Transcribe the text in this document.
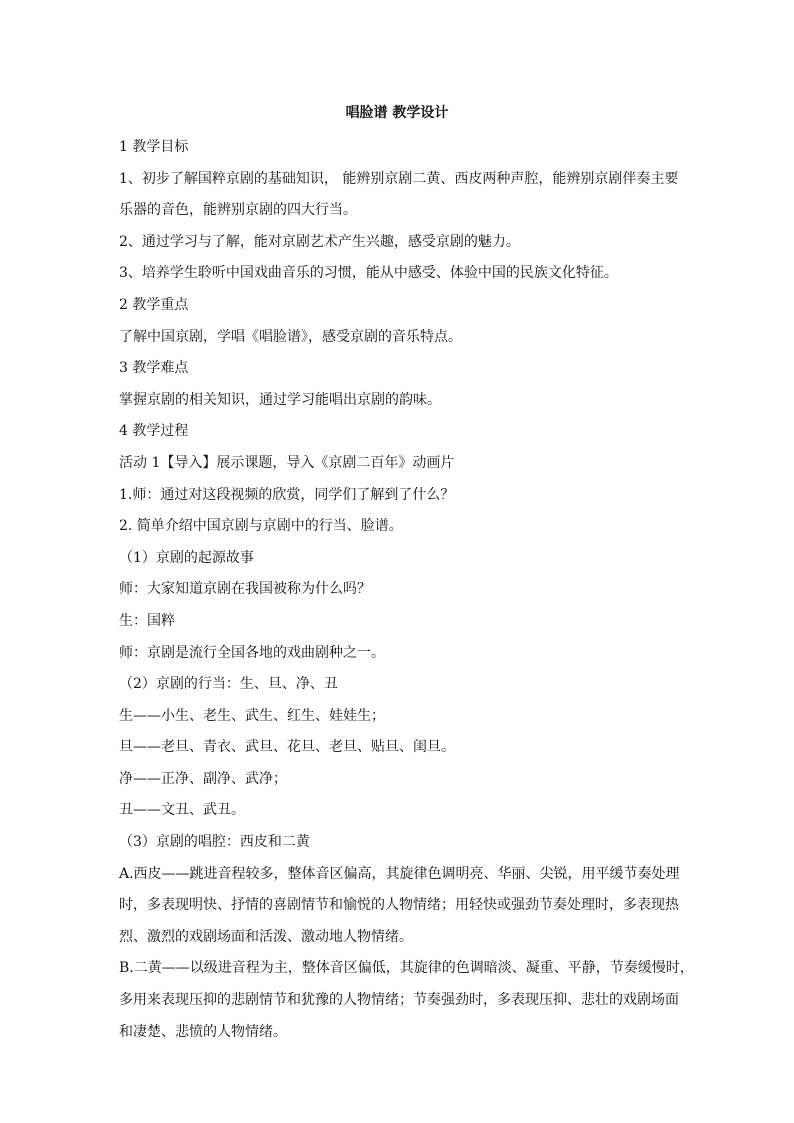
唱脸谱 教学设计

1 教学目标

1、初步了解国粹京剧的基础知识， 能辨别京剧二黄、西皮两种声腔，能辨别京剧伴奏主要

乐器的音色，能辨别京剧的四大行当。

2、通过学习与了解，能对京剧艺术产生兴趣，感受京剧的魅力。

3、培养学生聆听中国戏曲音乐的习惯，能从中感受、体验中国的民族文化特征。

2 教学重点

了解中国京剧，学唱《唱脸谱》，感受京剧的音乐特点。

3 教学难点

掌握京剧的相关知识，通过学习能唱出京剧的韵味。

4 教学过程

活动 1【导入】展示课题，导入《京剧二百年》动画片

1.师：通过对这段视频的欣赏，同学们了解到了什么？

2. 简单介绍中国京剧与京剧中的行当、脸谱。

（1）京剧的起源故事

师：大家知道京剧在我国被称为什么吗？

生：国粹

师：京剧是流行全国各地的戏曲剧种之一。

（2）京剧的行当：生、旦、净、丑

生——小生、老生、武生、红生、娃娃生；

旦——老旦、青衣、武旦、花旦、老旦、贴旦、闺旦。

净——正净、副净、武净；

丑——文丑、武丑。

（3）京剧的唱腔：西皮和二黄

A.西皮——跳进音程较多，整体音区偏高，其旋律色调明亮、华丽、尖锐，用平缓节奏处理

时，多表现明快、抒情的喜剧情节和愉悦的人物情绪；用轻快或强劲节奏处理时，多表现热

烈、激烈的戏剧场面和活泼、激动地人物情绪。

B.二黄——以级进音程为主，整体音区偏低，其旋律的色调暗淡、凝重、平静，节奏缓慢时，

多用来表现压抑的悲剧情节和犹豫的人物情绪；节奏强劲时，多表现压抑、悲壮的戏剧场面

和凄楚、悲愤的人物情绪。
